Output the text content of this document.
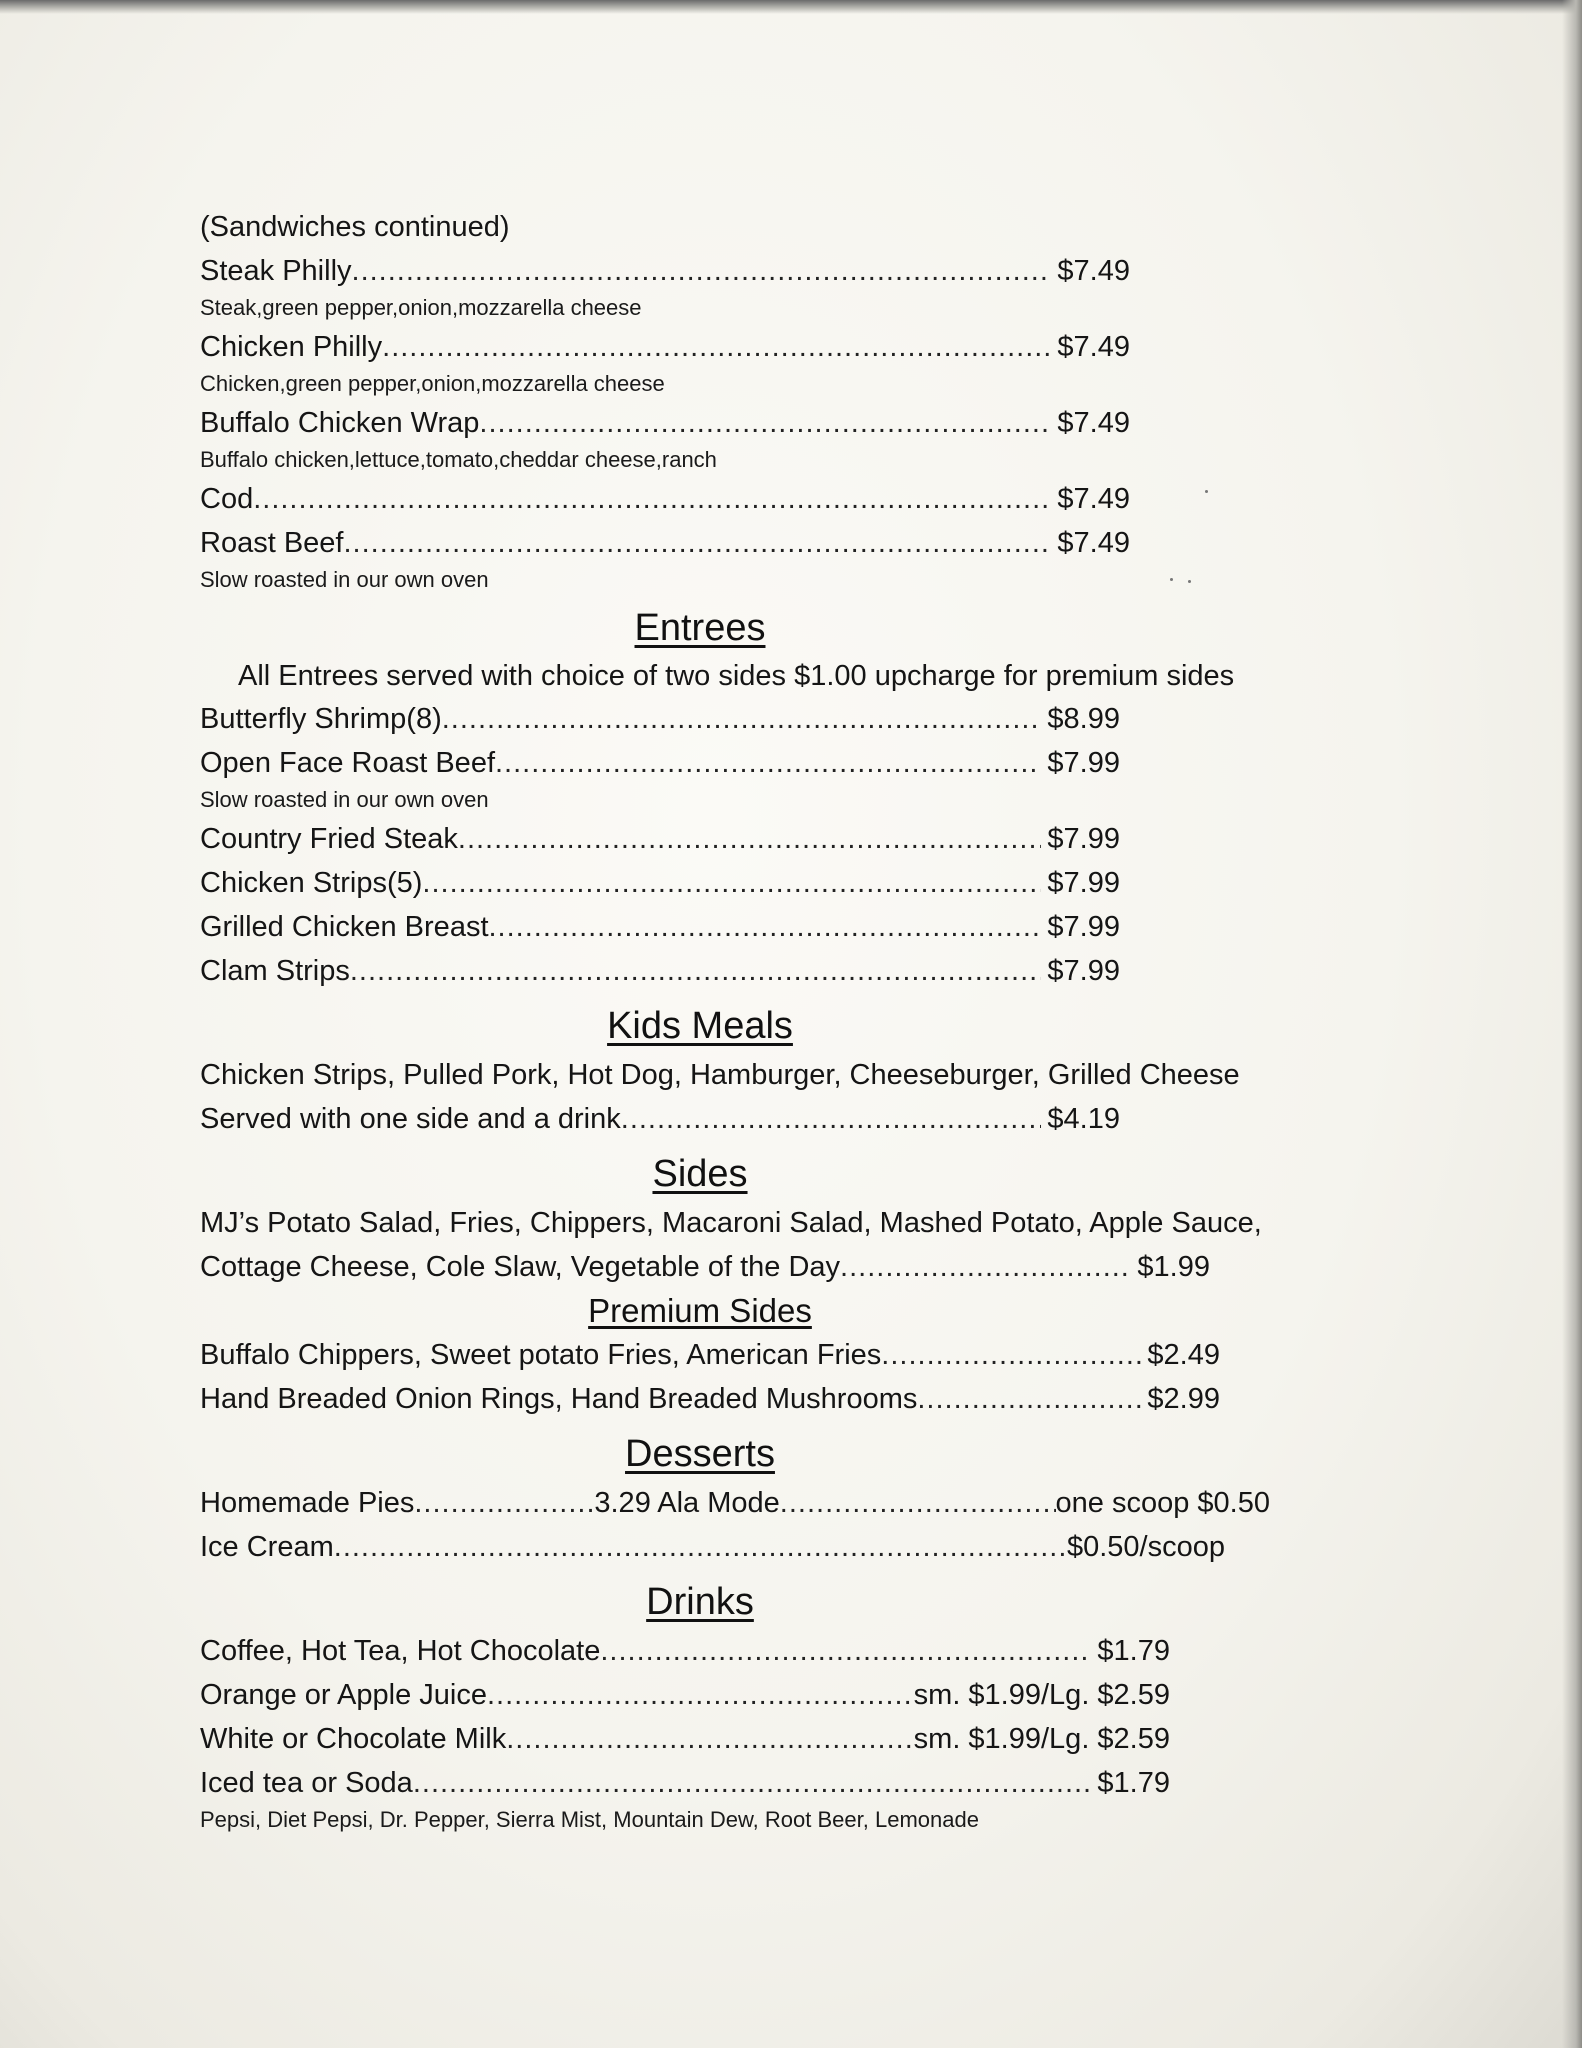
(Sandwiches continued)
Steak Philly .....	$7.49
Steak,green pepper,onion,mozzarella cheese
Chicken Philly .....	$7.49
Chicken,green pepper,onion,mozzarella cheese
Buffalo Chicken Wrap .....	$7.49
Buffalo chicken,lettuce,tomato,cheddar cheese,ranch
Cod .....	$7.49
Roast Beef .....	$7.49
Slow roasted in our own oven
Entrees
All Entrees served with choice of two sides $1.00 upcharge for premium sides
Butterfly Shrimp(8) .....	$8.99
Open Face Roast Beef .....	$7.99
Slow roasted in our own oven
Country Fried Steak .....	$7.99
Chicken Strips(5) .....	$7.99
Grilled Chicken Breast .....	$7.99
Clam Strips .....	$7.99
Kids Meals
Chicken Strips, Pulled Pork, Hot Dog, Hamburger, Cheeseburger, Grilled Cheese
Served with one side and a drink .....	$4.19
Sides
MJ’s Potato Salad, Fries, Chippers, Macaroni Salad, Mashed Potato, Apple Sauce,
Cottage Cheese, Cole Slaw, Vegetable of the Day .....	$1.99
Premium Sides
Buffalo Chippers, Sweet potato Fries, American Fries .....	$2.49
Hand Breaded Onion Rings, Hand Breaded Mushrooms .....	$2.99
Desserts
Homemade Pies .....	3.29 Ala Mode .....	one scoop $0.50
Ice Cream .....	$0.50/scoop
Drinks
Coffee, Hot Tea, Hot Chocolate .....	$1.79
Orange or Apple Juice .....	sm. $1.99/Lg. $2.59
White or Chocolate Milk .....	sm. $1.99/Lg. $2.59
Iced tea or Soda .....	$1.79
Pepsi, Diet Pepsi, Dr. Pepper, Sierra Mist, Mountain Dew, Root Beer, Lemonade
